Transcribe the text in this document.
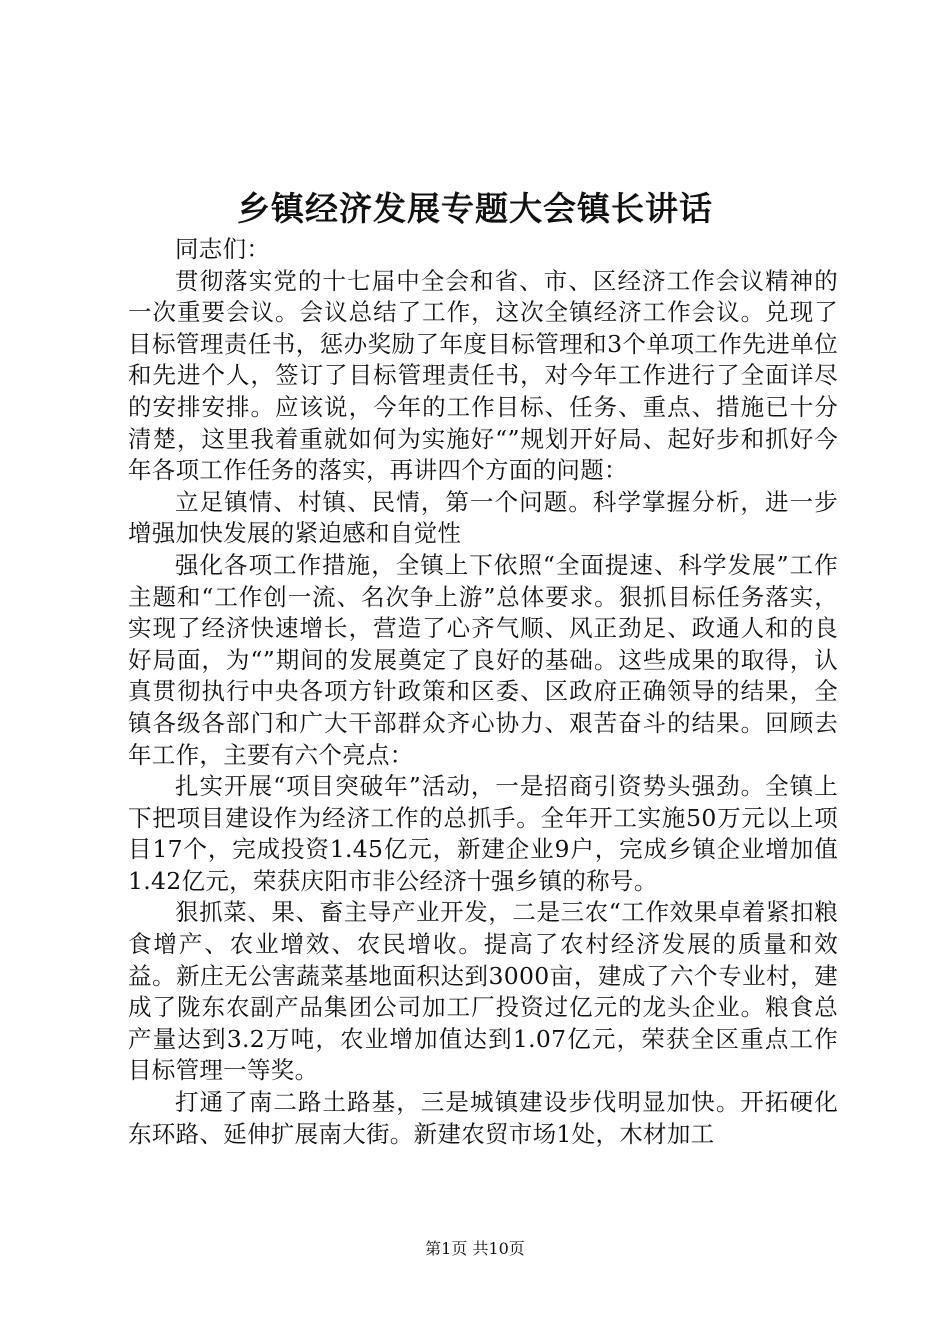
乡镇经济发展专题大会镇长讲话

同志们：

贯彻落实党的十七届中全会和省、市、区经济工作会议精神的一次重要会议。会议总结了工作，这次全镇经济工作会议。兑现了目标管理责任书，惩办奖励了年度目标管理和3个单项工作先进单位和先进个人，签订了目标管理责任书，对今年工作进行了全面详尽的安排安排。应该说，今年的工作目标、任务、重点、措施已十分清楚，这里我着重就如何为实施好“”规划开好局、起好步和抓好今年各项工作任务的落实，再讲四个方面的问题：

立足镇情、村镇、民情，第一个问题。科学掌握分析，进一步增强加快发展的紧迫感和自觉性

强化各项工作措施，全镇上下依照“全面提速、科学发展”工作主题和“工作创一流、名次争上游”总体要求。狠抓目标任务落实，实现了经济快速增长，营造了心齐气顺、风正劲足、政通人和的良好局面，为“”期间的发展奠定了良好的基础。这些成果的取得，认真贯彻执行中央各项方针政策和区委、区政府正确领导的结果，全镇各级各部门和广大干部群众齐心协力、艰苦奋斗的结果。回顾去年工作，主要有六个亮点：

扎实开展“项目突破年”活动，一是招商引资势头强劲。全镇上下把项目建设作为经济工作的总抓手。全年开工实施50万元以上项目17个，完成投资1.45亿元，新建企业9户，完成乡镇企业增加值1.42亿元，荣获庆阳市非公经济十强乡镇的称号。

狠抓菜、果、畜主导产业开发，二是三农“工作效果卓着紧扣粮食增产、农业增效、农民增收。提高了农村经济发展的质量和效益。新庄无公害蔬菜基地面积达到3000亩，建成了六个专业村，建成了陇东农副产品集团公司加工厂投资过亿元的龙头企业。粮食总产量达到3.2万吨，农业增加值达到1.07亿元，荣获全区重点工作目标管理一等奖。

打通了南二路土路基，三是城镇建设步伐明显加快。开拓硬化东环路、延伸扩展南大街。新建农贸市场1处，木材加工

第1页 共10页
